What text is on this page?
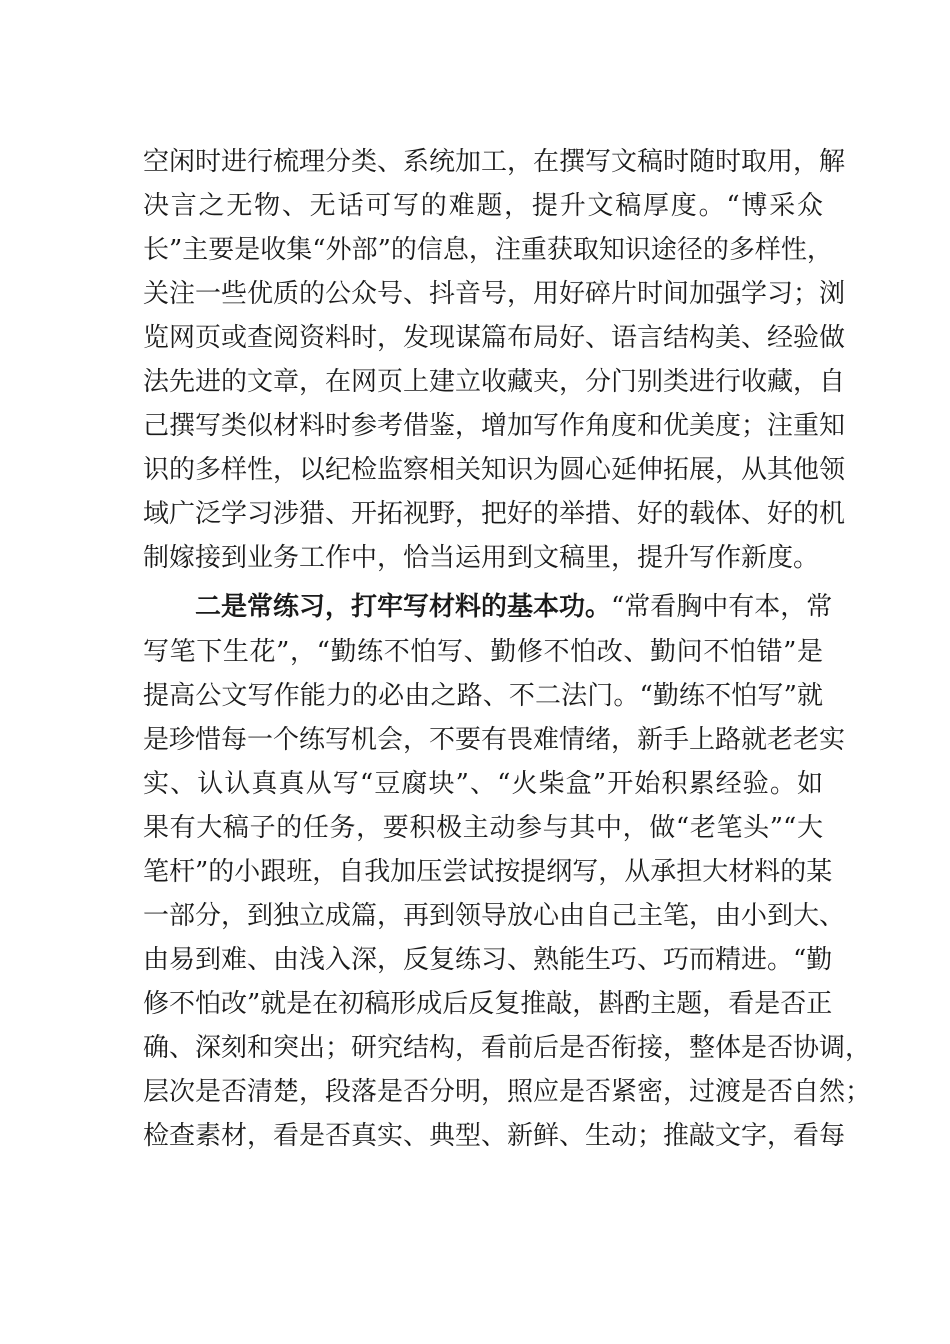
空闲时进行梳理分类、系统加工，在撰写文稿时随时取用，解
决言之无物、无话可写的难题，提升文稿厚度。“博采众
长”主要是收集“外部”的信息，注重获取知识途径的多样性，
关注一些优质的公众号、抖音号，用好碎片时间加强学习；浏
览网页或查阅资料时，发现谋篇布局好、语言结构美、经验做
法先进的文章，在网页上建立收藏夹，分门别类进行收藏，自
己撰写类似材料时参考借鉴，增加写作角度和优美度；注重知
识的多样性，以纪检监察相关知识为圆心延伸拓展，从其他领
域广泛学习涉猎、开拓视野，把好的举措、好的载体、好的机
制嫁接到业务工作中，恰当运用到文稿里，提升写作新度。
二是常练习，打牢写材料的基本功。“常看胸中有本，常
写笔下生花”，“勤练不怕写、勤修不怕改、勤问不怕错”是
提高公文写作能力的必由之路、不二法门。“勤练不怕写”就
是珍惜每一个练写机会，不要有畏难情绪，新手上路就老老实
实、认认真真从写“豆腐块”、“火柴盒”开始积累经验。如
果有大稿子的任务，要积极主动参与其中，做“老笔头”“大
笔杆”的小跟班，自我加压尝试按提纲写，从承担大材料的某
一部分，到独立成篇，再到领导放心由自己主笔，由小到大、
由易到难、由浅入深，反复练习、熟能生巧、巧而精进。“勤
修不怕改”就是在初稿形成后反复推敲，斟酌主题，看是否正
确、深刻和突出；研究结构，看前后是否衔接，整体是否协调，
层次是否清楚，段落是否分明，照应是否紧密，过渡是否自然；
检查素材，看是否真实、典型、新鲜、生动；推敲文字，看每
